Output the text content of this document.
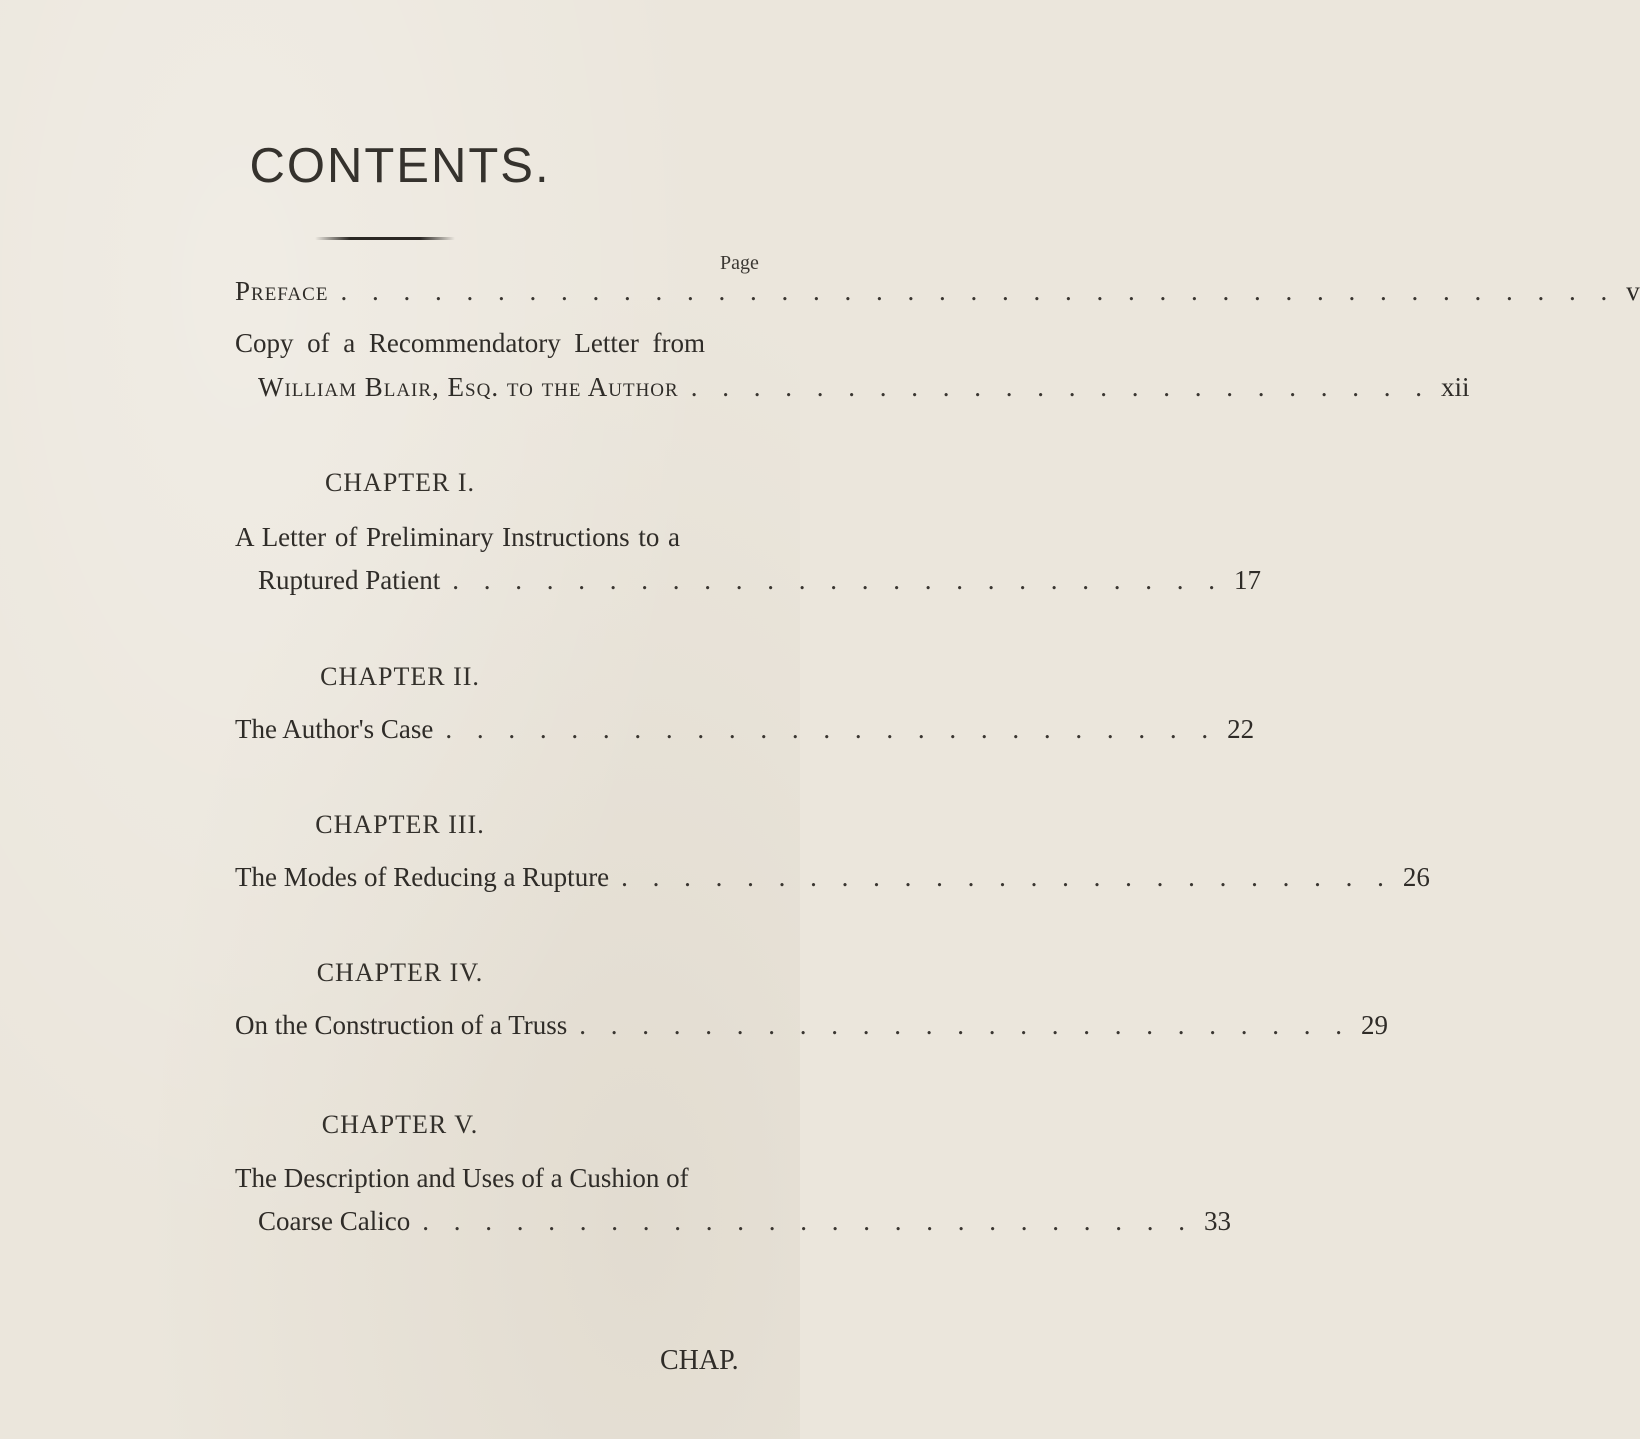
CONTENTS.
Page
Preface . . . . . . . . . . . . . . . . . . . . . . . . . . . . . . . . . . . . . . . . . v
Copy of a Recommendatory Letter from
William Blair, Esq. to the Author . . . . . . . . . . . . . . . . . . . . . . . . xii
CHAPTER I.
A Letter of Preliminary Instructions to a
Ruptured Patient . . . . . . . . . . . . . . . . . . . . . . . . . 17
CHAPTER II.
The Author's Case . . . . . . . . . . . . . . . . . . . . . . . . . 22
CHAPTER III.
The Modes of Reducing a Rupture . . . . . . . . . . . . . . . . . . . . . . . . . 26
CHAPTER IV.
On the Construction of a Truss . . . . . . . . . . . . . . . . . . . . . . . . . 29
CHAPTER V.
The Description and Uses of a Cushion of
Coarse Calico . . . . . . . . . . . . . . . . . . . . . . . . . 33
CHAP.
